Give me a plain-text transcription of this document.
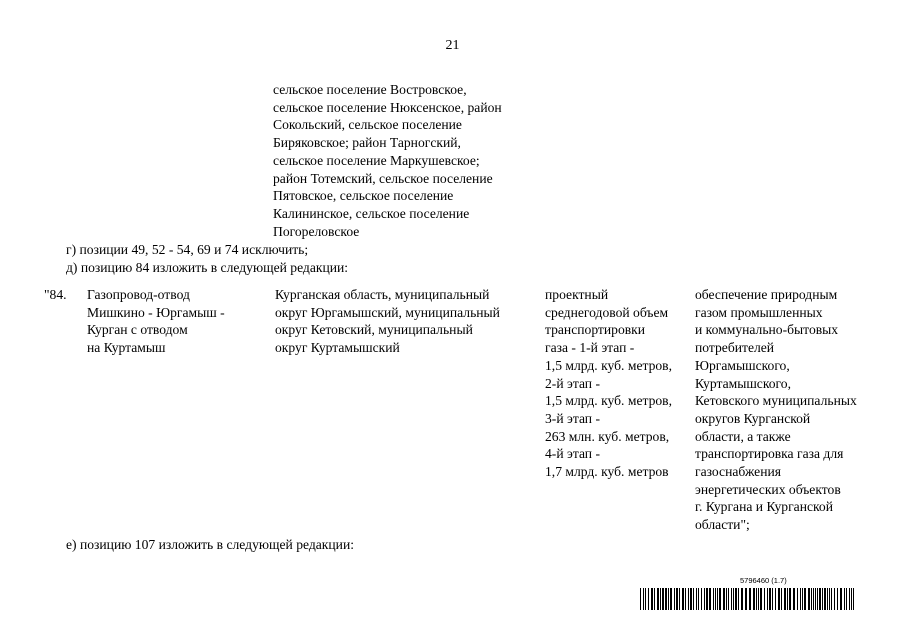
21
сельское поселение Востровское,
сельское поселение Нюксенское, район
Сокольский, сельское поселение
Биряковское; район Тарногский,
сельское поселение Маркушевское;
район Тотемский, сельское поселение
Пятовское, сельское поселение
Калининское, сельское поселение
Погореловское
г) позиции 49, 52 - 54, 69 и 74 исключить;
д) позицию 84 изложить в следующей редакции:
"84. Газопровод-отвод
Мишкино - Юргамыш -
Курган с отводом
на Куртамыш
Курганская область, муниципальный
округ Юргамышский, муниципальный
округ Кетовский, муниципальный
округ Куртамышский
проектный
среднегодовой объем
транспортировки
газа - 1-й этап -
1,5 млрд. куб. метров,
2-й этап -
1,5 млрд. куб. метров,
3-й этап -
263 млн. куб. метров,
4-й этап -
1,7 млрд. куб. метров
обеспечение природным
газом промышленных
и коммунально-бытовых
потребителей
Юргамышского,
Куртамышского,
Кетовского муниципальных
округов Курганской
области, а также
транспортировка газа для
газоснабжения
энергетических объектов
г. Кургана и Курганской
области";
е) позицию 107 изложить в следующей редакции:
5796460 (1.7)
